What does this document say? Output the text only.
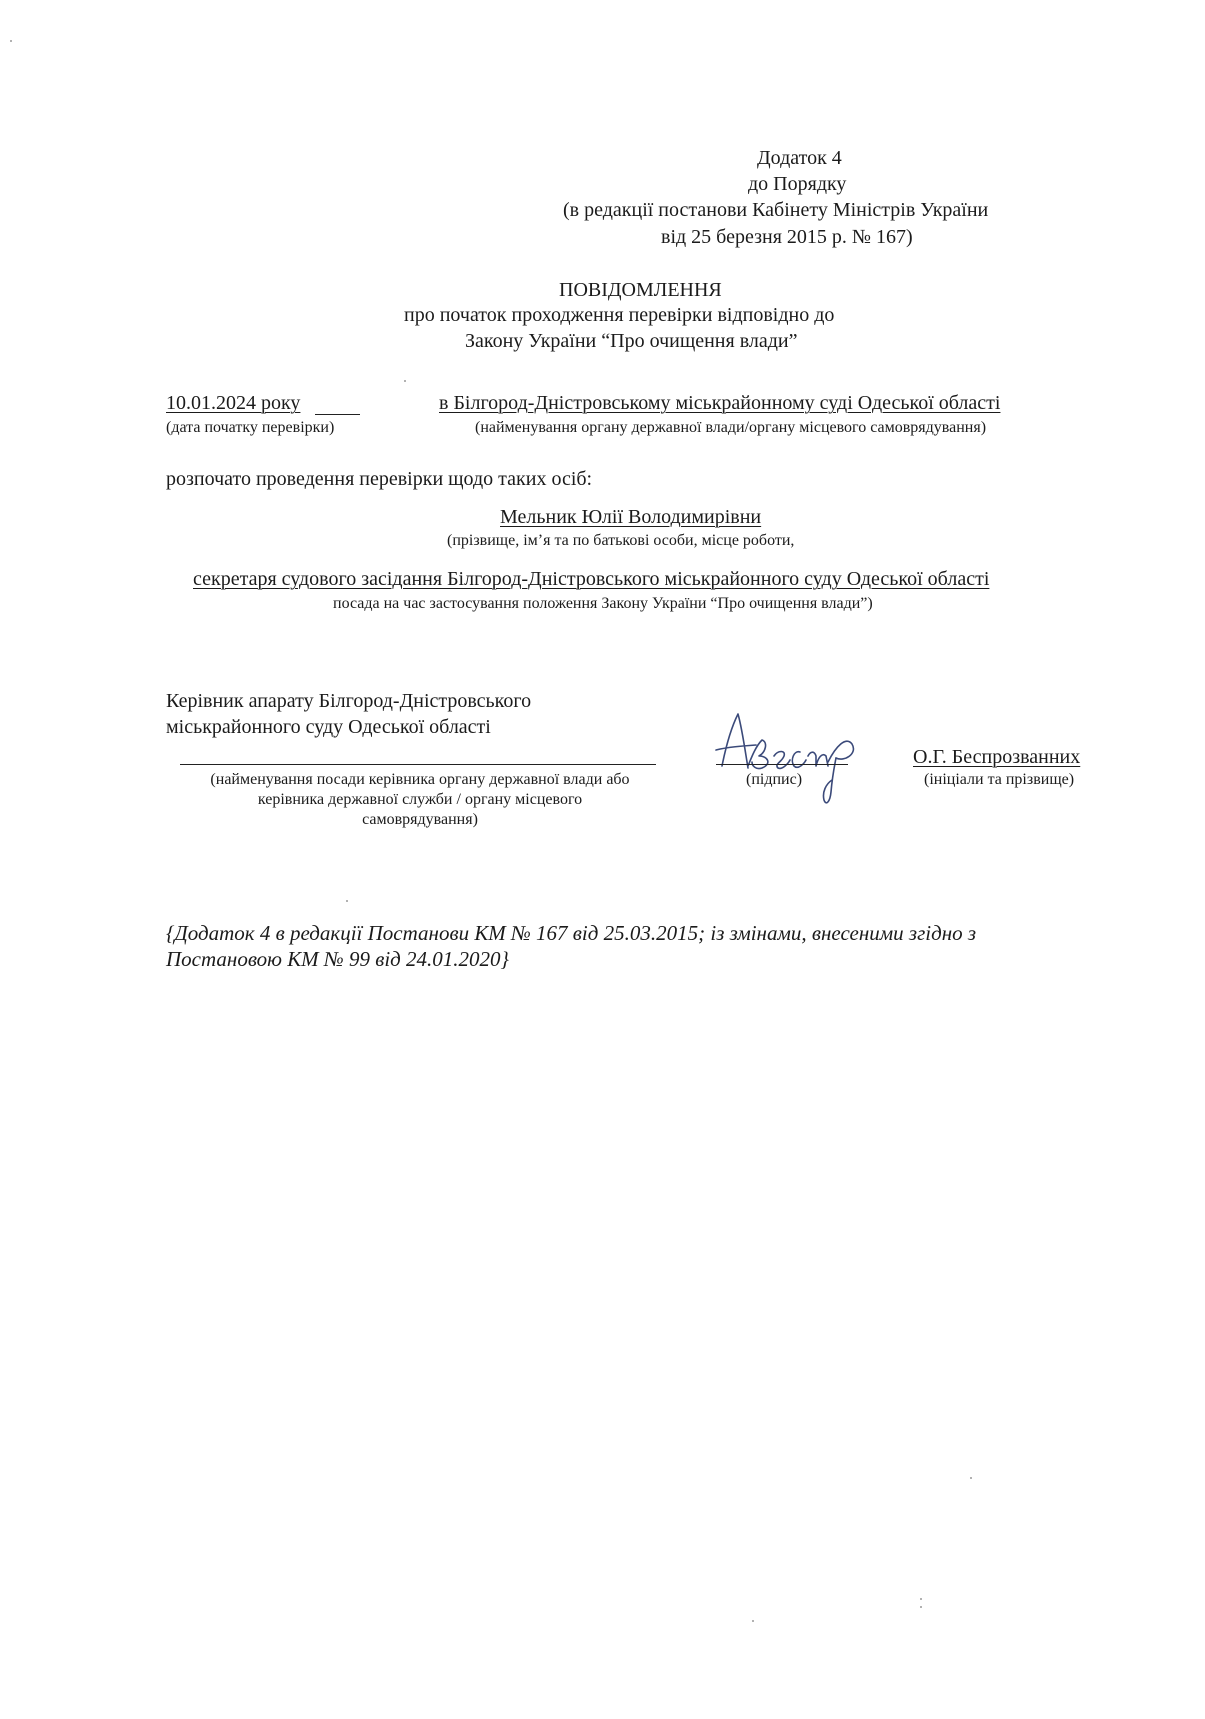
Додаток 4
до Порядку
(в редакції постанови Кабінету Міністрів України
від 25 березня 2015 р. № 167)
ПОВІДОМЛЕННЯ
про початок проходження перевірки відповідно до
Закону України “Про очищення влади”
10.01.2024 року
(дата початку перевірки)
в Білгород-Дністровському міськрайонному суді Одеської області
(найменування органу державної влади/органу місцевого самоврядування)
розпочато проведення перевірки щодо таких осіб:
Мельник Юлії Володимирівни
(прізвище, ім’я та по батькові особи, місце роботи,
секретаря судового засідання Білгород-Дністровського міськрайонного суду Одеської області
посада на час застосування положення Закону України “Про очищення влади”)
Керівник апарату Білгород-Дністровського
міськрайонного суду Одеської області
(найменування посади керівника органу державної влади або
керівника державної служби / органу місцевого
самоврядування)
(підпис)
О.Г. Беспрозванних
(ініціали та прізвище)
{Додаток 4 в редакції Постанови КМ № 167 від 25.03.2015; із змінами, внесеними згідно з
Постановою КМ № 99 від 24.01.2020}
